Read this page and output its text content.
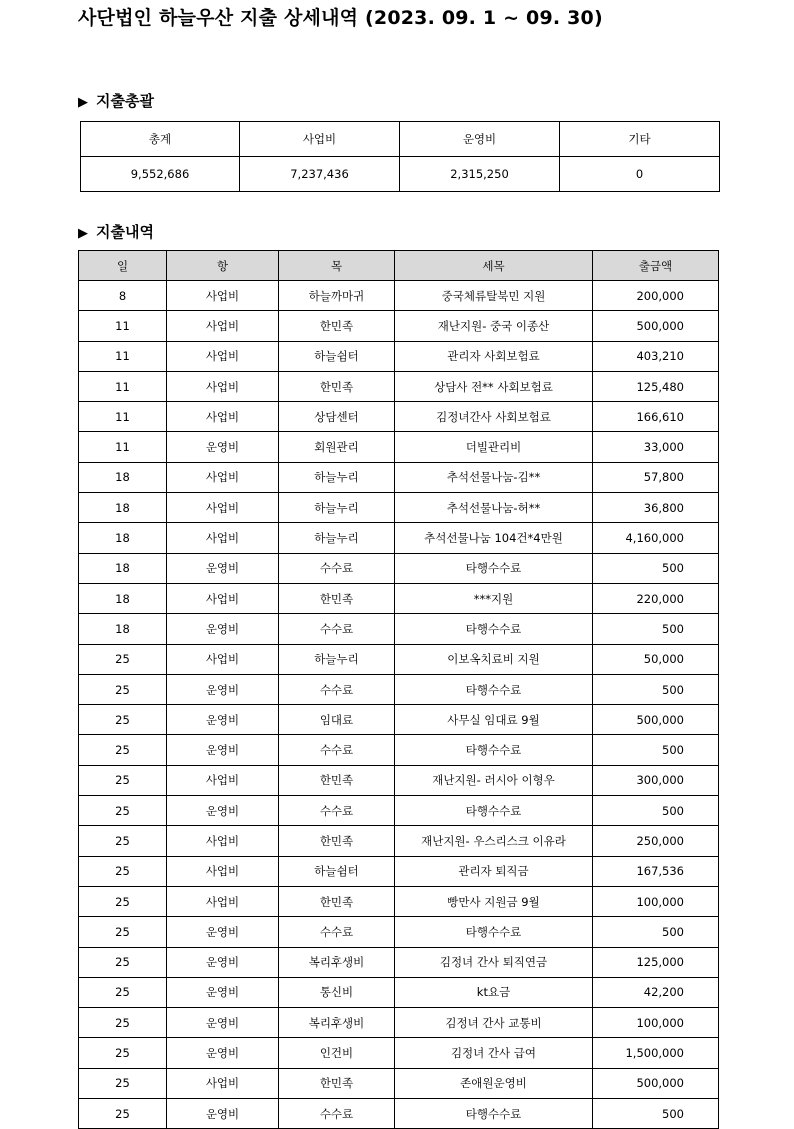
사단법인 하늘우산 지출 상세내역 (2023. 09. 1 ~ 09. 30)
▶ 지출총괄
총계	사업비	운영비	기타
9,552,686	7,237,436	2,315,250	0
▶ 지출내역
일	항	목	세목	출금액
8	사업비	하늘까마귀	중국체류탈북민 지원	200,000
11	사업비	한민족	재난지원- 중국 이종산	500,000
11	사업비	하늘쉼터	관리자 사회보험료	403,210
11	사업비	한민족	상담사 전** 사회보험료	125,480
11	사업비	상담센터	김정녀간사 사회보험료	166,610
11	운영비	회원관리	더빌관리비	33,000
18	사업비	하늘누리	추석선물나눔-김**	57,800
18	사업비	하늘누리	추석선물나눔-허**	36,800
18	사업비	하늘누리	추석선물나눔 104건*4만원	4,160,000
18	운영비	수수료	타행수수료	500
18	사업비	한민족	***지원	220,000
18	운영비	수수료	타행수수료	500
25	사업비	하늘누리	이보옥치료비 지원	50,000
25	운영비	수수료	타행수수료	500
25	운영비	임대료	사무실 임대료 9월	500,000
25	운영비	수수료	타행수수료	500
25	사업비	한민족	재난지원- 러시아 이형우	300,000
25	운영비	수수료	타행수수료	500
25	사업비	한민족	재난지원- 우스리스크 이유라	250,000
25	사업비	하늘쉼터	관리자 퇴직금	167,536
25	사업비	한민족	빵만사 지원금 9월	100,000
25	운영비	수수료	타행수수료	500
25	운영비	복리후생비	김정녀 간사 퇴직연금	125,000
25	운영비	통신비	kt요금	42,200
25	운영비	복리후생비	김정녀 간사 교통비	100,000
25	운영비	인건비	김정녀 간사 급여	1,500,000
25	사업비	한민족	존애원운영비	500,000
25	운영비	수수료	타행수수료	500
